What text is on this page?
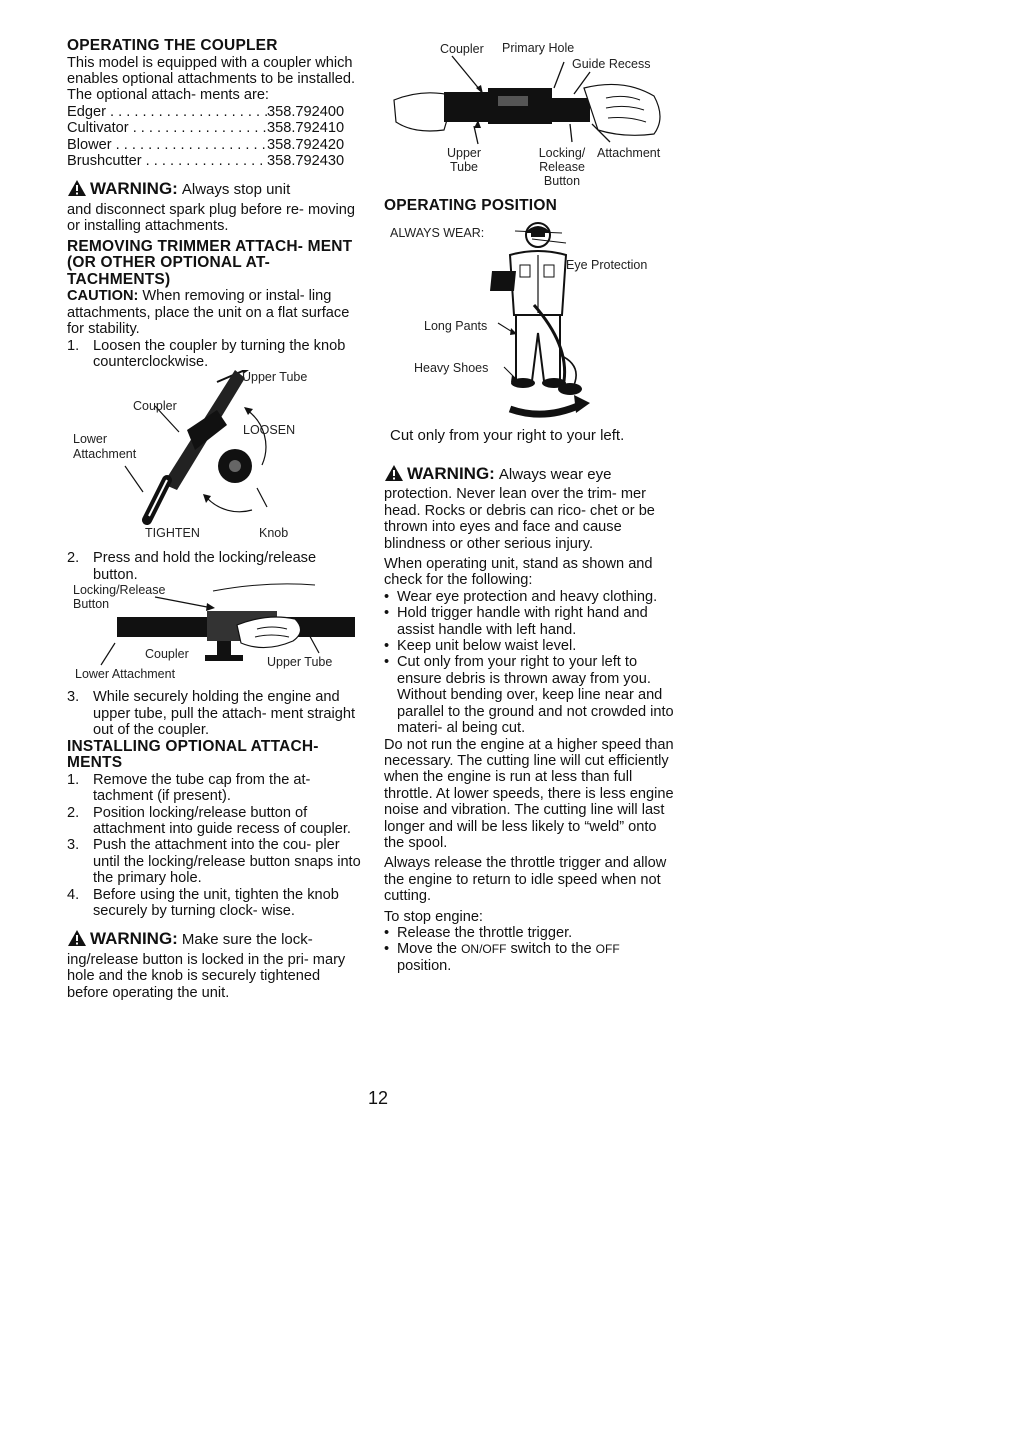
OPERATING THE COUPLER

This model is equipped with a coupler which enables optional attachments to be installed. The optional attach- ments are:

Edger . . .	358.792400
Cultivator . . .	358.792410
Blower . . .	358.792420
Brushcutter . . .	358.792430
WARNING: Always stop unit

and disconnect spark plug before re- moving or installing attachments.

REMOVING TRIMMER ATTACH- MENT (OR OTHER OPTIONAL AT- TACHMENTS)

CAUTION: When removing or instal- ling attachments, place the unit on a flat surface for stability.

1. Loosen the coupler by turning the knob counterclockwise.
Upper Tube
Coupler
LOOSEN
Lower
Attachment
TIGHTEN	Knob
2. Press and hold the locking/release button.
Locking/Release
Button
Coupler
Upper Tube
Lower Attachment
3. While securely holding the engine and upper tube, pull the attach- ment straight out of the coupler.
INSTALLING OPTIONAL ATTACH- MENTS
1. Remove the tube cap from the at- tachment (if present).
2. Position locking/release button of attachment into guide recess of coupler.
3. Push the attachment into the cou- pler until the locking/release button snaps into the primary hole.
4. Before using the unit, tighten the knob securely by turning clock- wise.
WARNING: Make sure the lock-

ing/release button is locked in the pri- mary hole and the knob is securely tightened before operating the unit.

Coupler Primary Hole
Guide Recess
Upper
Tube
Locking/
Release
Button
Attachment
OPERATING POSITION
ALWAYS WEAR:
Eye Protection
Long Pants
Heavy Shoes

Cut only from your right to your left.

WARNING: Always wear eye

protection. Never lean over the trim- mer head. Rocks or debris can rico- chet or be thrown into eyes and face and cause blindness or other serious injury.

When operating unit, stand as shown and check for the following:

• Wear eye protection and heavy clothing.
• Hold trigger handle with right hand and assist handle with left hand.
• Keep unit below waist level.
• Cut only from your right to your left to ensure debris is thrown away from you. Without bending over, keep line near and parallel to the ground and not crowded into materi- al being cut.

Do not run the engine at a higher speed than necessary. The cutting line will cut efficiently when the engine is run at less than full throttle. At lower speeds, there is less engine noise and vibration. The cutting line will last longer and will be less likely to “weld” onto the spool.

Always release the throttle trigger and allow the engine to return to idle speed when not cutting.

To stop engine:

• Release the throttle trigger.
• Move the ON/OFF switch to the OFF position.
12
